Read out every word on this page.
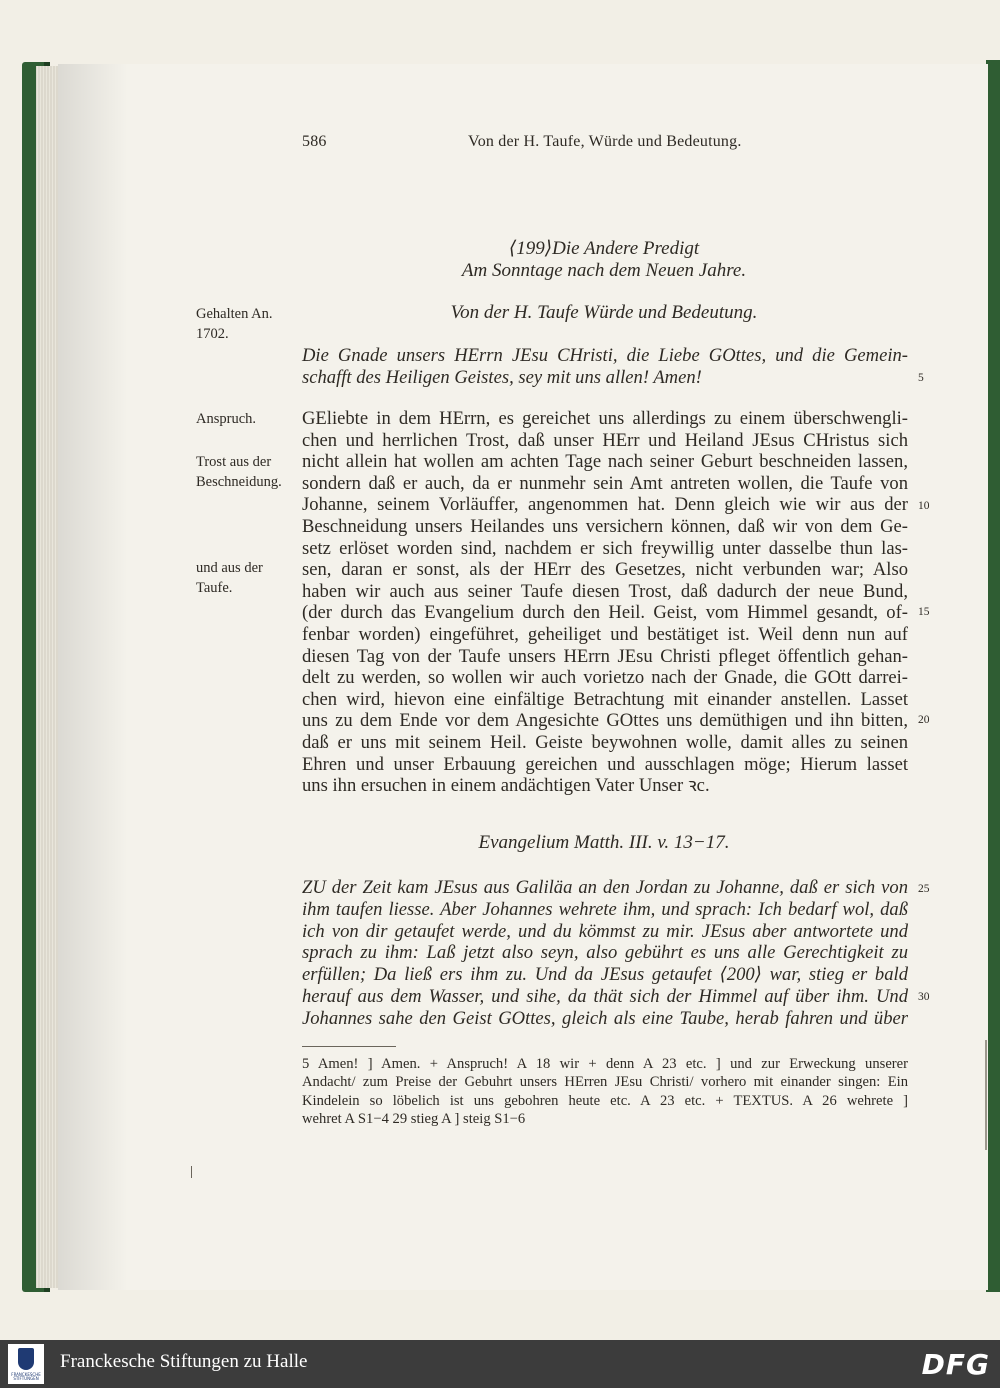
586	Von der H. Taufe, Würde und Bedeutung.
⟨199⟩Die Andere Predigt
Am Sonntage nach dem Neuen Jahre.
Von der H. Taufe Würde und Bedeutung.
Gehalten An.
1702.
Anspruch.
Trost aus der
Beschneidung.
und aus der
Taufe.
Die Gnade unsers HErrn JEsu CHristi, die Liebe GOttes, und die Gemein-
schafft des Heiligen Geistes, sey mit uns allen! Amen!
GEliebte in dem HErrn, es gereichet uns allerdings zu einem überschwengli-
chen und herrlichen Trost, daß unser HErr und Heiland JEsus CHristus sich
nicht allein hat wollen am achten Tage nach seiner Geburt beschneiden lassen,
sondern daß er auch, da er nunmehr sein Amt antreten wollen, die Taufe von
Johanne, seinem Vorläuffer, angenommen hat. Denn gleich wie wir aus der
Beschneidung unsers Heilandes uns versichern können, daß wir von dem Ge-
setz erlöset worden sind, nachdem er sich freywillig unter dasselbe thun las-
sen, daran er sonst, als der HErr des Gesetzes, nicht verbunden war; Also
haben wir auch aus seiner Taufe diesen Trost, daß dadurch der neue Bund,
(der durch das Evangelium durch den Heil. Geist, vom Himmel gesandt, of-
fenbar worden) eingeführet, geheiliget und bestätiget ist. Weil denn nun auf
diesen Tag von der Taufe unsers HErrn JEsu Christi pfleget öffentlich gehan-
delt zu werden, so wollen wir auch vorietzo nach der Gnade, die GOtt darrei-
chen wird, hievon eine einfältige Betrachtung mit einander anstellen. Lasset
uns zu dem Ende vor dem Angesichte GOttes uns demüthigen und ihn bitten,
daß er uns mit seinem Heil. Geiste beywohnen wolle, damit alles zu seinen
Ehren und unser Erbauung gereichen und ausschlagen möge; Hierum lasset
uns ihn ersuchen in einem andächtigen Vater Unser ꝛc.
Evangelium Matth. III. v. 13−17.
ZU der Zeit kam JEsus aus Galiläa an den Jordan zu Johanne, daß er sich von
ihm taufen liesse. Aber Johannes wehrete ihm, und sprach: Ich bedarf wol, daß
ich von dir getaufet werde, und du kömmst zu mir. JEsus aber antwortete und
sprach zu ihm: Laß jetzt also seyn, also gebührt es uns alle Gerechtigkeit zu
erfüllen; Da ließ ers ihm zu. Und da JEsus getaufet ⟨200⟩ war, stieg er bald
herauf aus dem Wasser, und sihe, da thät sich der Himmel auf über ihm. Und
Johannes sahe den Geist GOttes, gleich als eine Taube, herab fahren und über
5
10
15
20
25
30
5 Amen! ] Amen. + Anspruch! A 18 wir + denn A 23 etc. ] und zur Erweckung unserer
Andacht/ zum Preise der Gebuhrt unsers HErren JEsu Christi/ vorhero mit einander singen: Ein
Kindelein so löbelich ist uns gebohren heute etc. A 23 etc. + TEXTUS. A 26 wehrete ]
wehret A S1−4 29 stieg A ] steig S1−6
FRANCKESCHE
STIFTUNGEN
Franckesche Stiftungen zu Halle	DFG
